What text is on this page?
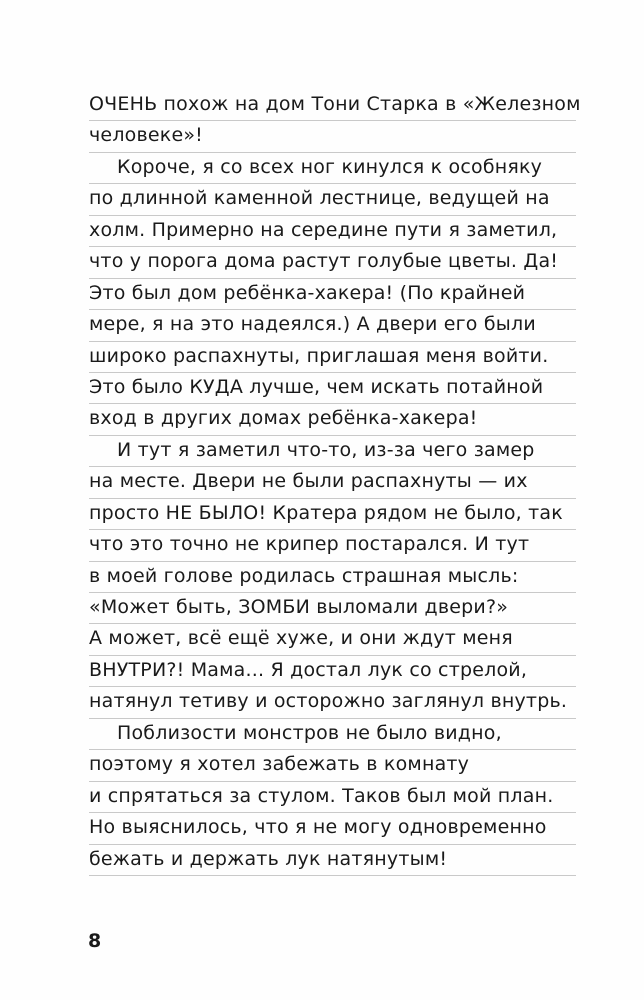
ОЧЕНЬ похож на дом Тони Старка в «Железном
человеке»!
Короче, я со всех ног кинулся к особняку
по длинной каменной лестнице, ведущей на
холм. Примерно на середине пути я заметил,
что у порога дома растут голубые цветы. Да!
Это был дом ребёнка-хакера! (По крайней
мере, я на это надеялся.) А двери его были
широко распахнуты, приглашая меня войти.
Это было КУДА лучше, чем искать потайной
вход в других домах ребёнка-хакера!
И тут я заметил что-то, из-за чего замер
на месте. Двери не были распахнуты — их
просто НЕ БЫЛО! Кратера рядом не было, так
что это точно не крипер постарался. И тут
в моей голове родилась страшная мысль:
«Может быть, ЗОМБИ выломали двери?»
А может, всё ещё хуже, и они ждут меня
ВНУТРИ?! Мама... Я достал лук со стрелой,
натянул тетиву и осторожно заглянул внутрь.
Поблизости монстров не было видно,
поэтому я хотел забежать в комнату
и спрятаться за стулом. Таков был мой план.
Но выяснилось, что я не могу одновременно
бежать и держать лук натянутым!
8
